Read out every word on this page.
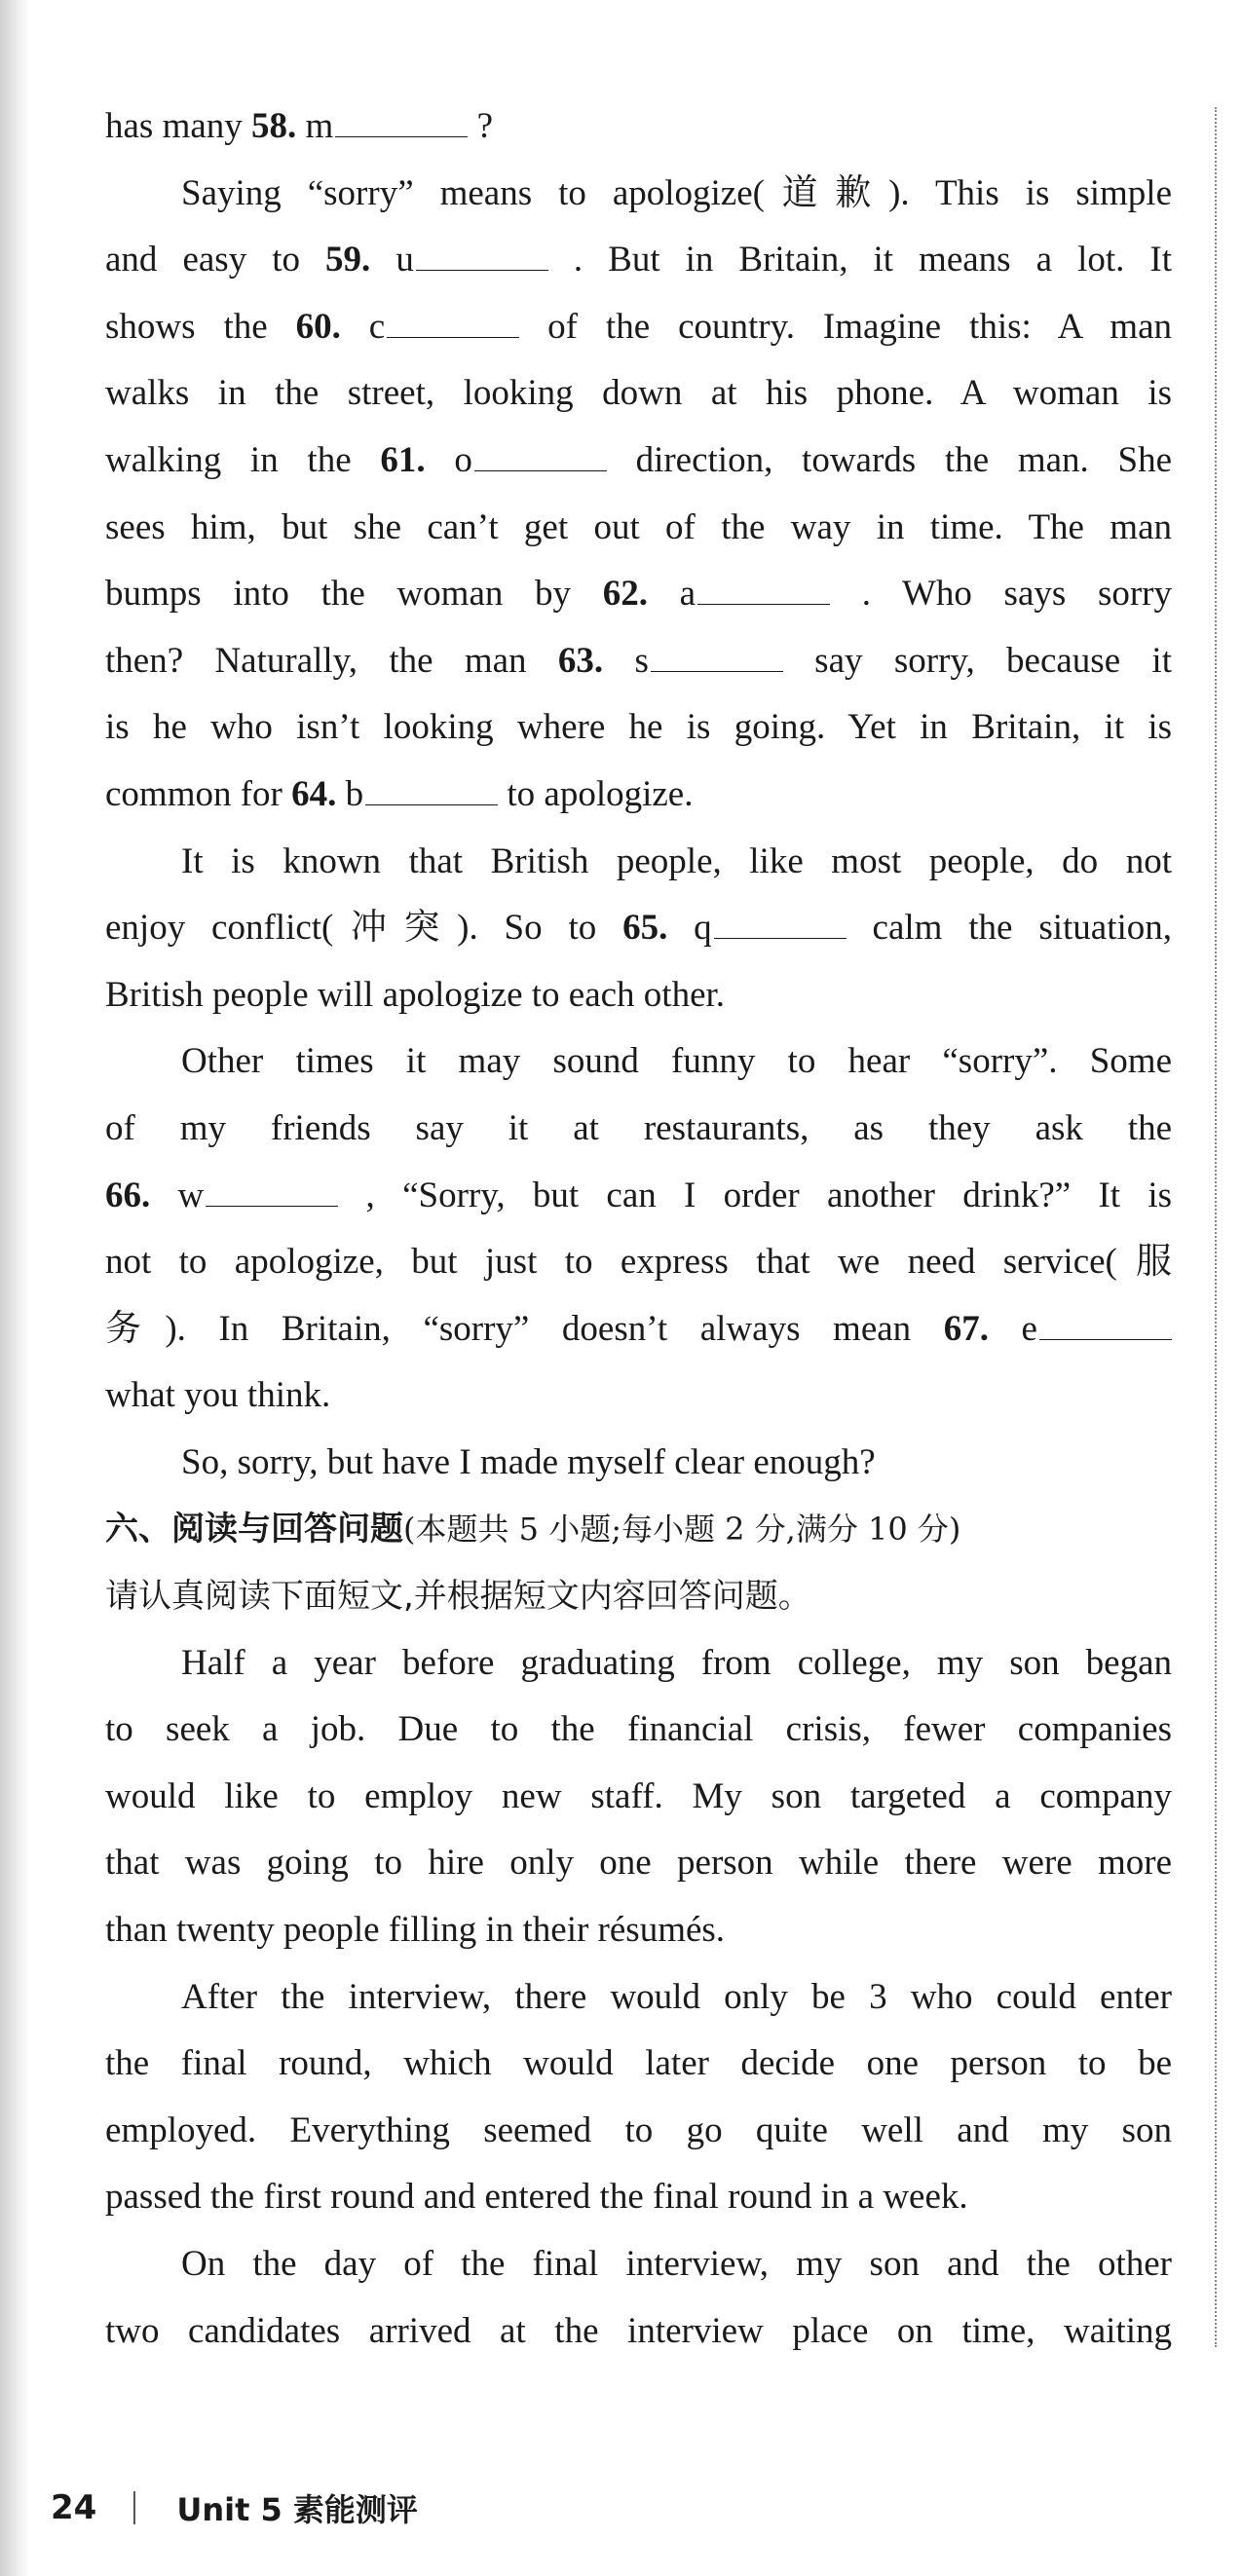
has many 58. m	?
Saying “sorry” means to apologize(道歉). This is simple
and easy to 59. u	. But in Britain, it means a lot. It
shows the 60. c	of the country. Imagine this: A man
walks in the street, looking down at his phone. A woman is
walking in the 61. o	direction, towards the man. She
sees him, but she can’t get out of the way in time. The man
bumps into the woman by 62. a	. Who says sorry
then? Naturally, the man 63. s	say sorry, because it
is he who isn’t looking where he is going. Yet in Britain, it is
common for 64. b	to apologize.
It is known that British people, like most people, do not
enjoy conflict(冲突). So to 65. q	calm the situation,
British people will apologize to each other.
Other times it may sound funny to hear “sorry”. Some
of my friends say it at restaurants, as they ask the
66. w	, “Sorry, but can I order another drink?” It is
not to apologize, but just to express that we need service(服
务). In Britain, “sorry” doesn’t always mean 67. e
what you think.
So, sorry, but have I made myself clear enough?
六、阅读与回答问题(本题共 5 小题;每小题 2 分,满分 10 分)
请认真阅读下面短文,并根据短文内容回答问题。
Half a year before graduating from college, my son began
to seek a job. Due to the financial crisis, fewer companies
would like to employ new staff. My son targeted a company
that was going to hire only one person while there were more
than twenty people filling in their résumés.
After the interview, there would only be 3 who could enter
the final round, which would later decide one person to be
employed. Everything seemed to go quite well and my son
passed the first round and entered the final round in a week.
On the day of the final interview, my son and the other
two candidates arrived at the interview place on time, waiting
24	Unit 5 素能测评
